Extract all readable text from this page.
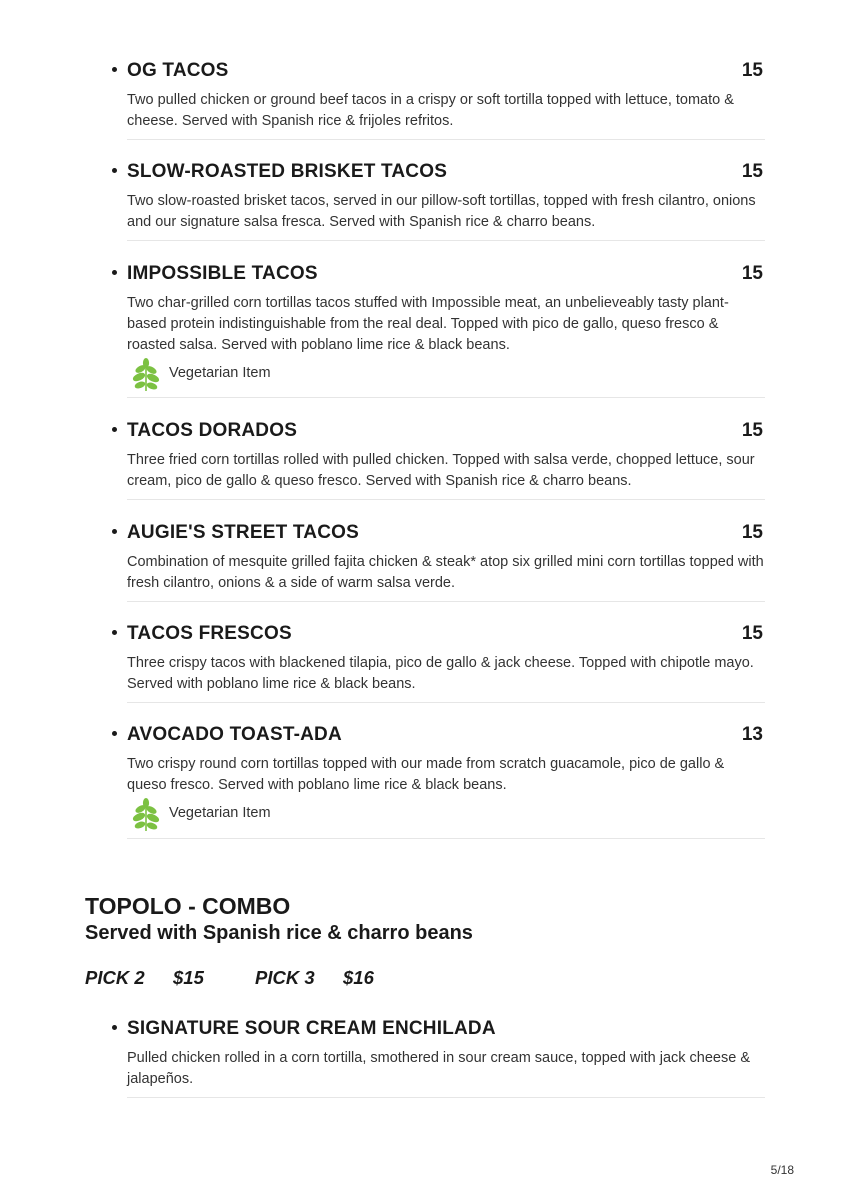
OG TACOS	15
Two pulled chicken or ground beef tacos in a crispy or soft tortilla topped with lettuce, tomato & cheese. Served with Spanish rice & frijoles refritos.
SLOW-ROASTED BRISKET TACOS	15
Two slow-roasted brisket tacos, served in our pillow-soft tortillas, topped with fresh cilantro, onions and our signature salsa fresca. Served with Spanish rice & charro beans.
IMPOSSIBLE TACOS	15
Two char-grilled corn tortillas tacos stuffed with Impossible meat, an unbelieveably tasty plant-based protein indistinguishable from the real deal. Topped with pico de gallo, queso fresco & roasted salsa. Served with poblano lime rice & black beans.
Vegetarian Item
TACOS DORADOS	15
Three fried corn tortillas rolled with pulled chicken. Topped with salsa verde, chopped lettuce, sour cream, pico de gallo & queso fresco. Served with Spanish rice & charro beans.
AUGIE'S STREET TACOS	15
Combination of mesquite grilled fajita chicken & steak* atop six grilled mini corn tortillas topped with fresh cilantro, onions & a side of warm salsa verde.
TACOS FRESCOS	15
Three crispy tacos with blackened tilapia, pico de gallo & jack cheese. Topped with chipotle mayo. Served with poblano lime rice & black beans.
AVOCADO TOAST-ADA	13
Two crispy round corn tortillas topped with our made from scratch guacamole, pico de gallo & queso fresco. Served with poblano lime rice & black beans.
Vegetarian Item
TOPOLO - COMBO
Served with Spanish rice & charro beans
PICK 2 $15	PICK 3 $16
SIGNATURE SOUR CREAM ENCHILADA
Pulled chicken rolled in a corn tortilla, smothered in sour cream sauce, topped with jack cheese & jalapeños.
5/18
